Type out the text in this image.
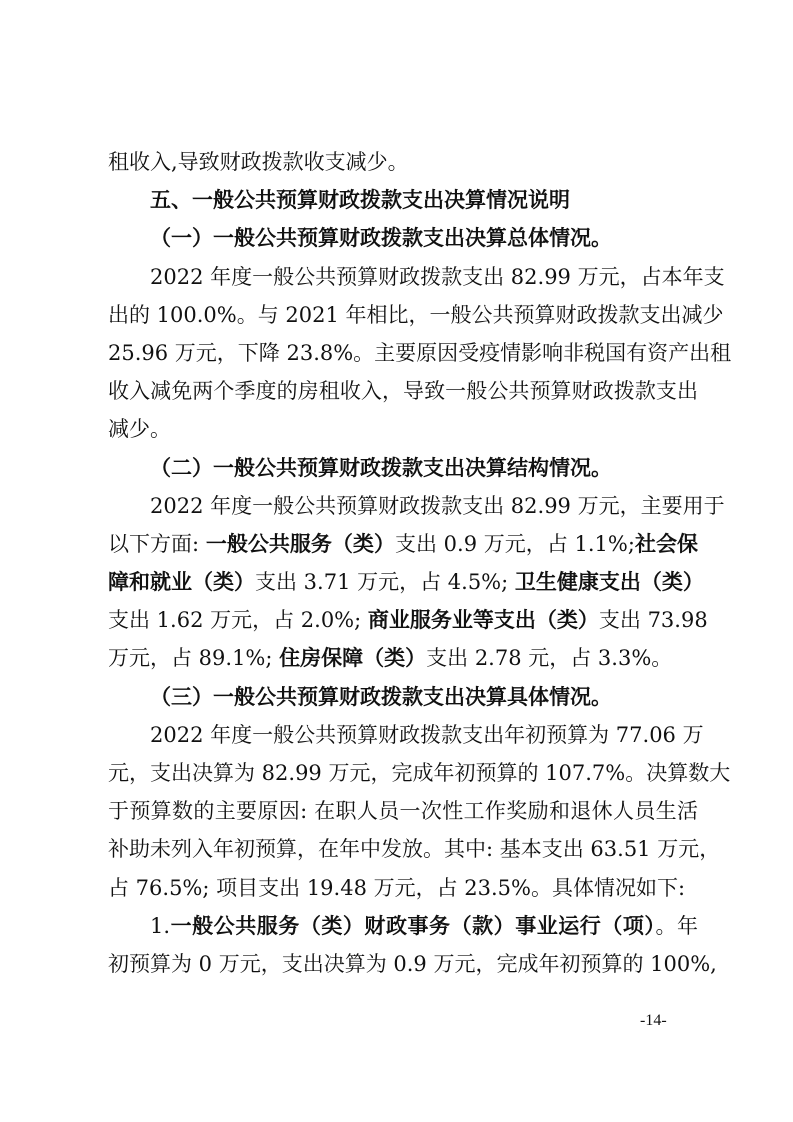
租收入,导致财政拨款收支减少。
五、一般公共预算财政拨款支出决算情况说明
（一）一般公共预算财政拨款支出决算总体情况。
2022 年度一般公共预算财政拨款支出 82.99 万元，占本年支
出的 100.0%。与 2021 年相比，一般公共预算财政拨款支出减少
25.96 万元，下降 23.8%。主要原因受疫情影响非税国有资产出租
收入减免两个季度的房租收入，导致一般公共预算财政拨款支出
减少。
（二）一般公共预算财政拨款支出决算结构情况。
2022 年度一般公共预算财政拨款支出 82.99 万元，主要用于
以下方面: 一般公共服务（类）支出 0.9 万元，占 1.1%;社会保
障和就业（类）支出 3.71 万元，占 4.5%; 卫生健康支出（类）
支出 1.62 万元，占 2.0%; 商业服务业等支出（类）支出 73.98
万元，占 89.1%; 住房保障（类）支出 2.78 元，占 3.3%。
（三）一般公共预算财政拨款支出决算具体情况。
2022 年度一般公共预算财政拨款支出年初预算为 77.06 万
元，支出决算为 82.99 万元，完成年初预算的 107.7%。决算数大
于预算数的主要原因: 在职人员一次性工作奖励和退休人员生活
补助未列入年初预算，在年中发放。其中: 基本支出 63.51 万元，
占 76.5%; 项目支出 19.48 万元，占 23.5%。具体情况如下:
1.一般公共服务（类）财政事务（款）事业运行（项）。年
初预算为 0 万元，支出决算为 0.9 万元，完成年初预算的 100%,
-14-
